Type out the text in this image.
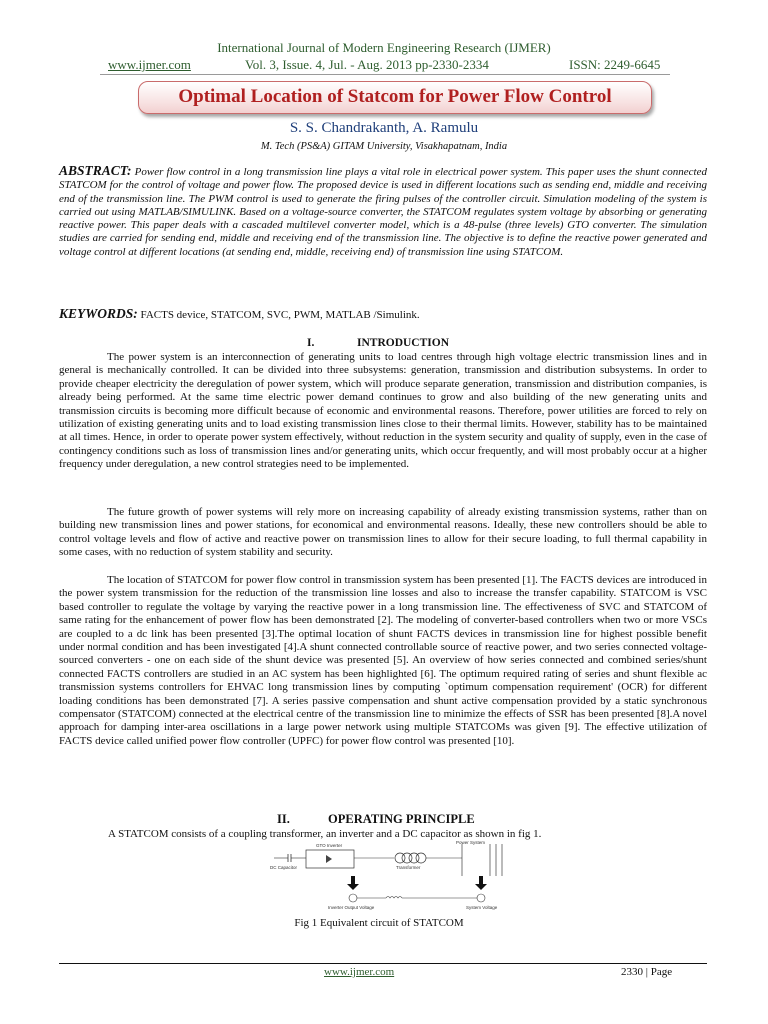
International Journal of Modern Engineering Research (IJMER)
www.ijmer.com	Vol. 3, Issue. 4, Jul. - Aug. 2013 pp-2330-2334	ISSN: 2249-6645
Optimal Location of Statcom for Power Flow Control
S. S. Chandrakanth, A. Ramulu
M. Tech (PS&A) GITAM University, Visakhapatnam, India
ABSTRACT: Power flow control in a long transmission line plays a vital role in electrical power system. This paper uses the shunt connected STATCOM for the control of voltage and power flow. The proposed device is used in different locations such as sending end, middle and receiving end of the transmission line. The PWM control is used to generate the firing pulses of the controller circuit. Simulation modeling of the system is carried out using MATLAB/SIMULINK. Based on a voltage-source converter, the STATCOM regulates system voltage by absorbing or generating reactive power. This paper deals with a cascaded multilevel converter model, which is a 48-pulse (three levels) GTO converter. The simulation studies are carried for sending end, middle and receiving end of the transmission line. The objective is to define the reactive power generated and voltage control at different locations (at sending end, middle, receiving end) of transmission line using STATCOM.
KEYWORDS: FACTS device, STATCOM, SVC, PWM, MATLAB /Simulink.
I.	INTRODUCTION

The power system is an interconnection of generating units to load centres through high voltage electric transmission lines and in general is mechanically controlled. It can be divided into three subsystems: generation, transmission and distribution subsystems. In order to provide cheaper electricity the deregulation of power system, which will produce separate generation, transmission and distribution companies, is already being performed. At the same time electric power demand continues to grow and also building of the new generating units and transmission circuits is becoming more difficult because of economic and environmental reasons. Therefore, power utilities are forced to rely on utilization of existing generating units and to load existing transmission lines close to their thermal limits. However, stability has to be maintained at all times. Hence, in order to operate power system effectively, without reduction in the system security and quality of supply, even in the case of contingency conditions such as loss of transmission lines and/or generating units, which occur frequently, and will most probably occur at a higher frequency under deregulation, a new control strategies need to be implemented.

The future growth of power systems will rely more on increasing capability of already existing transmission systems, rather than on building new transmission lines and power stations, for economical and environmental reasons. Ideally, these new controllers should be able to control voltage levels and flow of active and reactive power on transmission lines to allow for their secure loading, to full thermal capability in some cases, with no reduction of system stability and security.

The location of STATCOM for power flow control in transmission system has been presented [1]. The FACTS devices are introduced in the power system transmission for the reduction of the transmission line losses and also to increase the transfer capability. STATCOM is VSC based controller to regulate the voltage by varying the reactive power in a long transmission line. The effectiveness of SVC and STATCOM of same rating for the enhancement of power flow has been demonstrated [2]. The modeling of converter-based controllers when two or more VSCs are coupled to a dc link has been presented [3].The optimal location of shunt FACTS devices in transmission line for highest possible benefit under normal condition and has been investigated [4].A shunt connected controllable source of reactive power, and two series connected voltage-sourced converters - one on each side of the shunt device was presented [5]. An overview of how series connected and combined series/shunt connected FACTS controllers are studied in an AC system has been highlighted [6]. The optimum required rating of series and shunt flexible ac transmission systems controllers for EHVAC long transmission lines by computing `optimum compensation requirement' (OCR) for different loading conditions has been demonstrated [7]. A series passive compensation and shunt active compensation provided by a static synchronous compensator (STATCOM) connected at the electrical centre of the transmission line to minimize the effects of SSR has been presented [8].A novel approach for damping inter-area oscillations in a large power network using multiple STATCOMs was given [9]. The effective utilization of FACTS device called unified power flow controller (UPFC) for power flow control was presented [10].

II.	OPERATING PRINCIPLE
A STATCOM consists of a coupling transformer, an inverter and a DC capacitor as shown in fig 1.
Power System
DC Capacitor
GTO Inverter
Transformer
Inverter Output Voltage	System Voltage
Fig 1 Equivalent circuit of STATCOM
www.ijmer.com	2330 | Page
